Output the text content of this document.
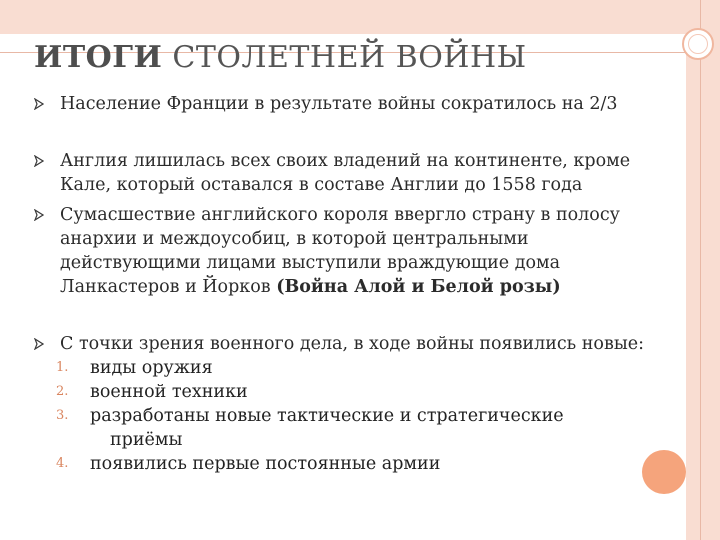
ИТОГИ СТОЛЕТНЕЙ ВОЙНЫ
Население Франции в результате войны сократилось на 2/3
Англия лишилась всех своих владений на континенте, кроме
Кале, который оставался в составе Англии до 1558 года
Сумасшествие английского короля ввергло страну в полосу
анархии и междоусобиц, в которой центральными
действующими лицами выступили враждующие дома
Ланкастеров и Йорков (Война Алой и Белой розы)
С точки зрения военного дела, в ходе войны появились новые:
1. виды оружия
2. военной техники
3. разработаны новые тактические и стратегические
приёмы
4. появились первые постоянные армии
